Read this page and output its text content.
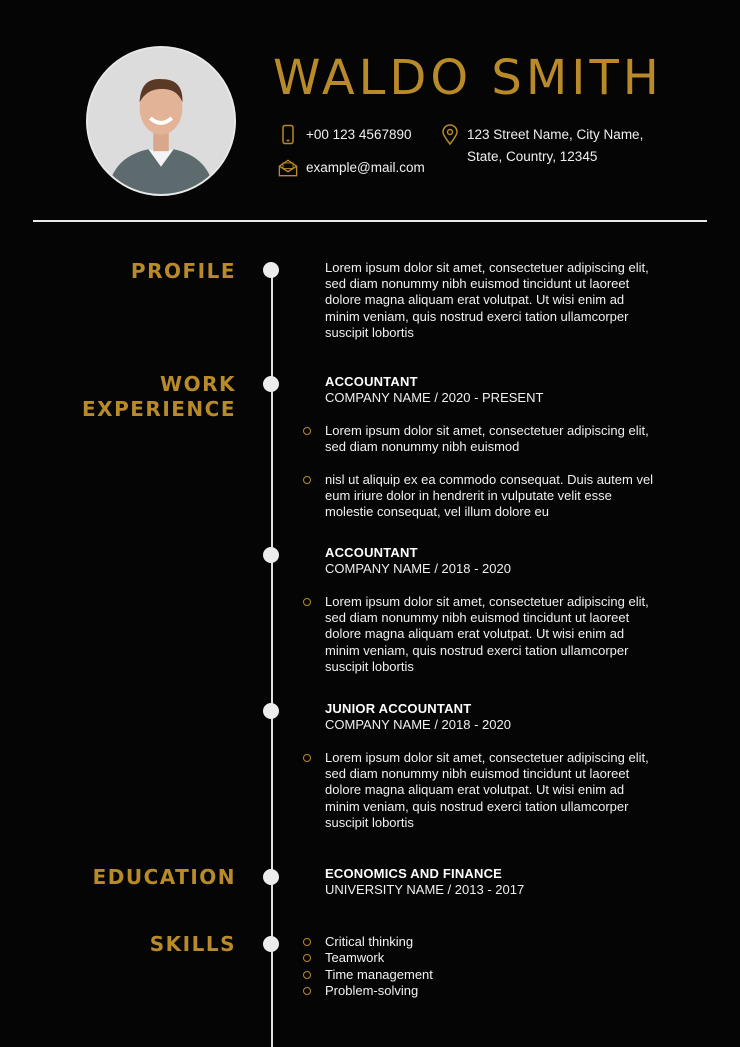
WALDO SMITH
+00 123 4567890
example@mail.com
123 Street Name, City Name,
State, Country, 12345
PROFILE	Lorem ipsum dolor sit amet, consectetuer adipiscing elit, sed diam nonummy nibh euismod tincidunt ut laoreet dolore magna aliquam erat volutpat. Ut wisi enim ad minim veniam, quis nostrud exerci tation ullamcorper suscipit lobortis
WORK
EXPERIENCE
ACCOUNTANT
COMPANY NAME / 2020 - PRESENT
Lorem ipsum dolor sit amet, consectetuer adipiscing elit, sed diam nonummy nibh euismod
nisl ut aliquip ex ea commodo consequat. Duis autem vel eum iriure dolor in hendrerit in vulputate velit esse molestie consequat, vel illum dolore eu
ACCOUNTANT
COMPANY NAME / 2018 - 2020
Lorem ipsum dolor sit amet, consectetuer adipiscing elit, sed diam nonummy nibh euismod tincidunt ut laoreet dolore magna aliquam erat volutpat. Ut wisi enim ad minim veniam, quis nostrud exerci tation ullamcorper suscipit lobortis
JUNIOR ACCOUNTANT
COMPANY NAME / 2018 - 2020
Lorem ipsum dolor sit amet, consectetuer adipiscing elit, sed diam nonummy nibh euismod tincidunt ut laoreet dolore magna aliquam erat volutpat. Ut wisi enim ad minim veniam, quis nostrud exerci tation ullamcorper suscipit lobortis
EDUCATION	ECONOMICS AND FINANCE
UNIVERSITY NAME / 2013 - 2017
SKILLS	Critical thinking
Teamwork
Time management
Problem-solving
